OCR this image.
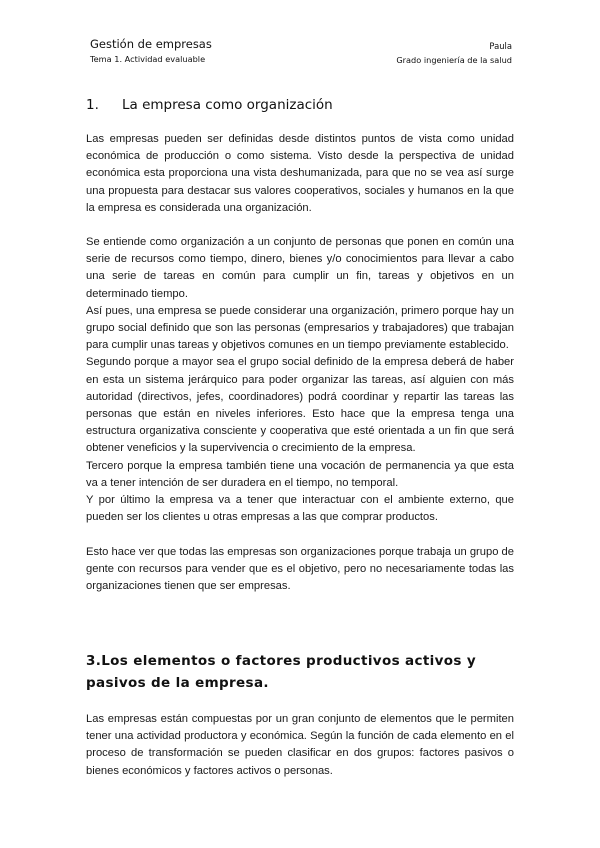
Gestión de empresas
Tema 1. Actividad evaluable
Paula
Grado ingeniería de la salud
1. La empresa como organización

Las empresas pueden ser definidas desde distintos puntos de vista como unidad económica de producción o como sistema. Visto desde la perspectiva de unidad económica esta proporciona una vista deshumanizada, para que no se vea así surge una propuesta para destacar sus valores cooperativos, sociales y humanos en la que la empresa es considerada una organización.

Se entiende como organización a un conjunto de personas que ponen en común una serie de recursos como tiempo, dinero, bienes y/o conocimientos para llevar a cabo una serie de tareas en común para cumplir un fin, tareas y objetivos en un determinado tiempo.
Así pues, una empresa se puede considerar una organización, primero porque hay un grupo social definido que son las personas (empresarios y trabajadores) que trabajan para cumplir unas tareas y objetivos comunes en un tiempo previamente establecido.
Segundo porque a mayor sea el grupo social definido de la empresa deberá de haber en esta un sistema jerárquico para poder organizar las tareas, así alguien con más autoridad (directivos, jefes, coordinadores) podrá coordinar y repartir las tareas las personas que están en niveles inferiores. Esto hace que la empresa tenga una estructura organizativa consciente y cooperativa que esté orientada a un fin que será obtener veneficios y la supervivencia o crecimiento de la empresa.
Tercero porque la empresa también tiene una vocación de permanencia ya que esta va a tener intención de ser duradera en el tiempo, no temporal.
Y por último la empresa va a tener que interactuar con el ambiente externo, que pueden ser los clientes u otras empresas a las que comprar productos.
Esto hace ver que todas las empresas son organizaciones porque trabaja un grupo de gente con recursos para vender que es el objetivo, pero no necesariamente todas las organizaciones tienen que ser empresas.
3.Los elementos o factores productivos activos y pasivos de la empresa.

Las empresas están compuestas por un gran conjunto de elementos que le permiten tener una actividad productora y económica. Según la función de cada elemento en el proceso de transformación se pueden clasificar en dos grupos: factores pasivos o bienes económicos y factores activos o personas.
